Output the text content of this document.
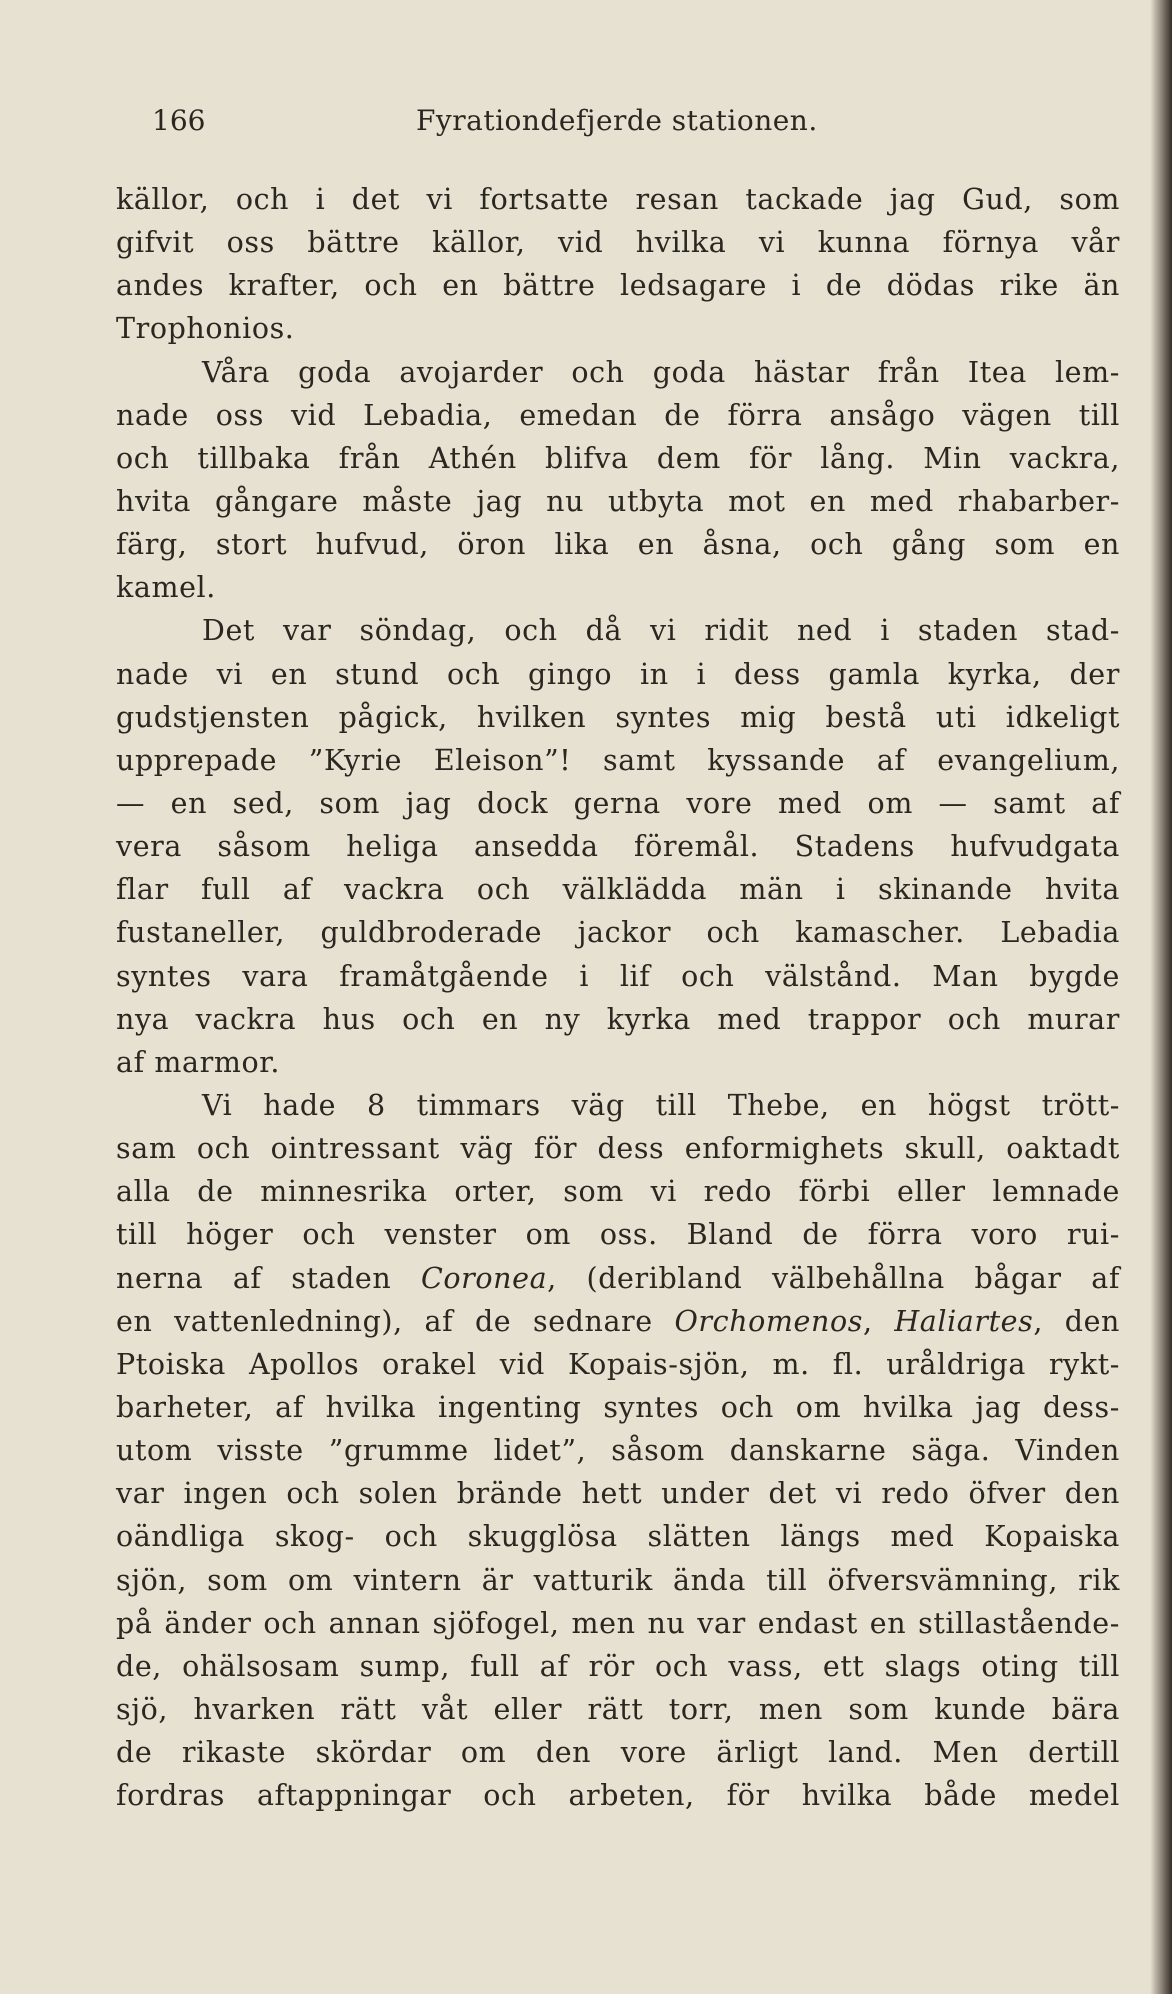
166	Fyrationdefjerde stationen.
källor, och i det vi fortsatte resan tackade jag Gud, som
gifvit oss bättre källor, vid hvilka vi kunna förnya vår
andes krafter, och en bättre ledsagare i de dödas rike än
Trophonios.
Våra goda avojarder och goda hästar från Itea lem-
nade oss vid Lebadia, emedan de förra ansågo vägen till
och tillbaka från Athén blifva dem för lång. Min vackra,
hvita gångare måste jag nu utbyta mot en med rhabarber-
färg, stort hufvud, öron lika en åsna, och gång som en
kamel.
Det var söndag, och då vi ridit ned i staden stad-
nade vi en stund och gingo in i dess gamla kyrka, der
gudstjensten pågick, hvilken syntes mig bestå uti idkeligt
upprepade ”Kyrie Eleison”! samt kyssande af evangelium,
— en sed, som jag dock gerna vore med om — samt af
vera såsom heliga ansedda föremål. Stadens hufvudgata
flar full af vackra och välklädda män i skinande hvita
fustaneller, guldbroderade jackor och kamascher. Lebadia
syntes vara framåtgående i lif och välstånd. Man bygde
nya vackra hus och en ny kyrka med trappor och murar
af marmor.
Vi hade 8 timmars väg till Thebe, en högst trött-
sam och ointressant väg för dess enformighets skull, oaktadt
alla de minnesrika orter, som vi redo förbi eller lemnade
till höger och venster om oss. Bland de förra voro rui-
nerna af staden Coronea, (deribland välbehållna bågar af
en vattenledning), af de sednare Orchomenos, Haliartes, den
Ptoiska Apollos orakel vid Kopais-sjön, m. fl. uråldriga rykt-
barheter, af hvilka ingenting syntes och om hvilka jag dess-
utom visste ”grumme lidet”, såsom danskarne säga. Vinden
var ingen och solen brände hett under det vi redo öfver den
oändliga skog- och skugglösa slätten längs med Kopaiska
sjön, som om vintern är vatturik ända till öfversvämning, rik
på änder och annan sjöfogel, men nu var endast en stillastående-
de, ohälsosam sump, full af rör och vass, ett slags oting till
sjö, hvarken rätt våt eller rätt torr, men som kunde bära
de rikaste skördar om den vore ärligt land. Men dertill
fordras aftappningar och arbeten, för hvilka både medel
